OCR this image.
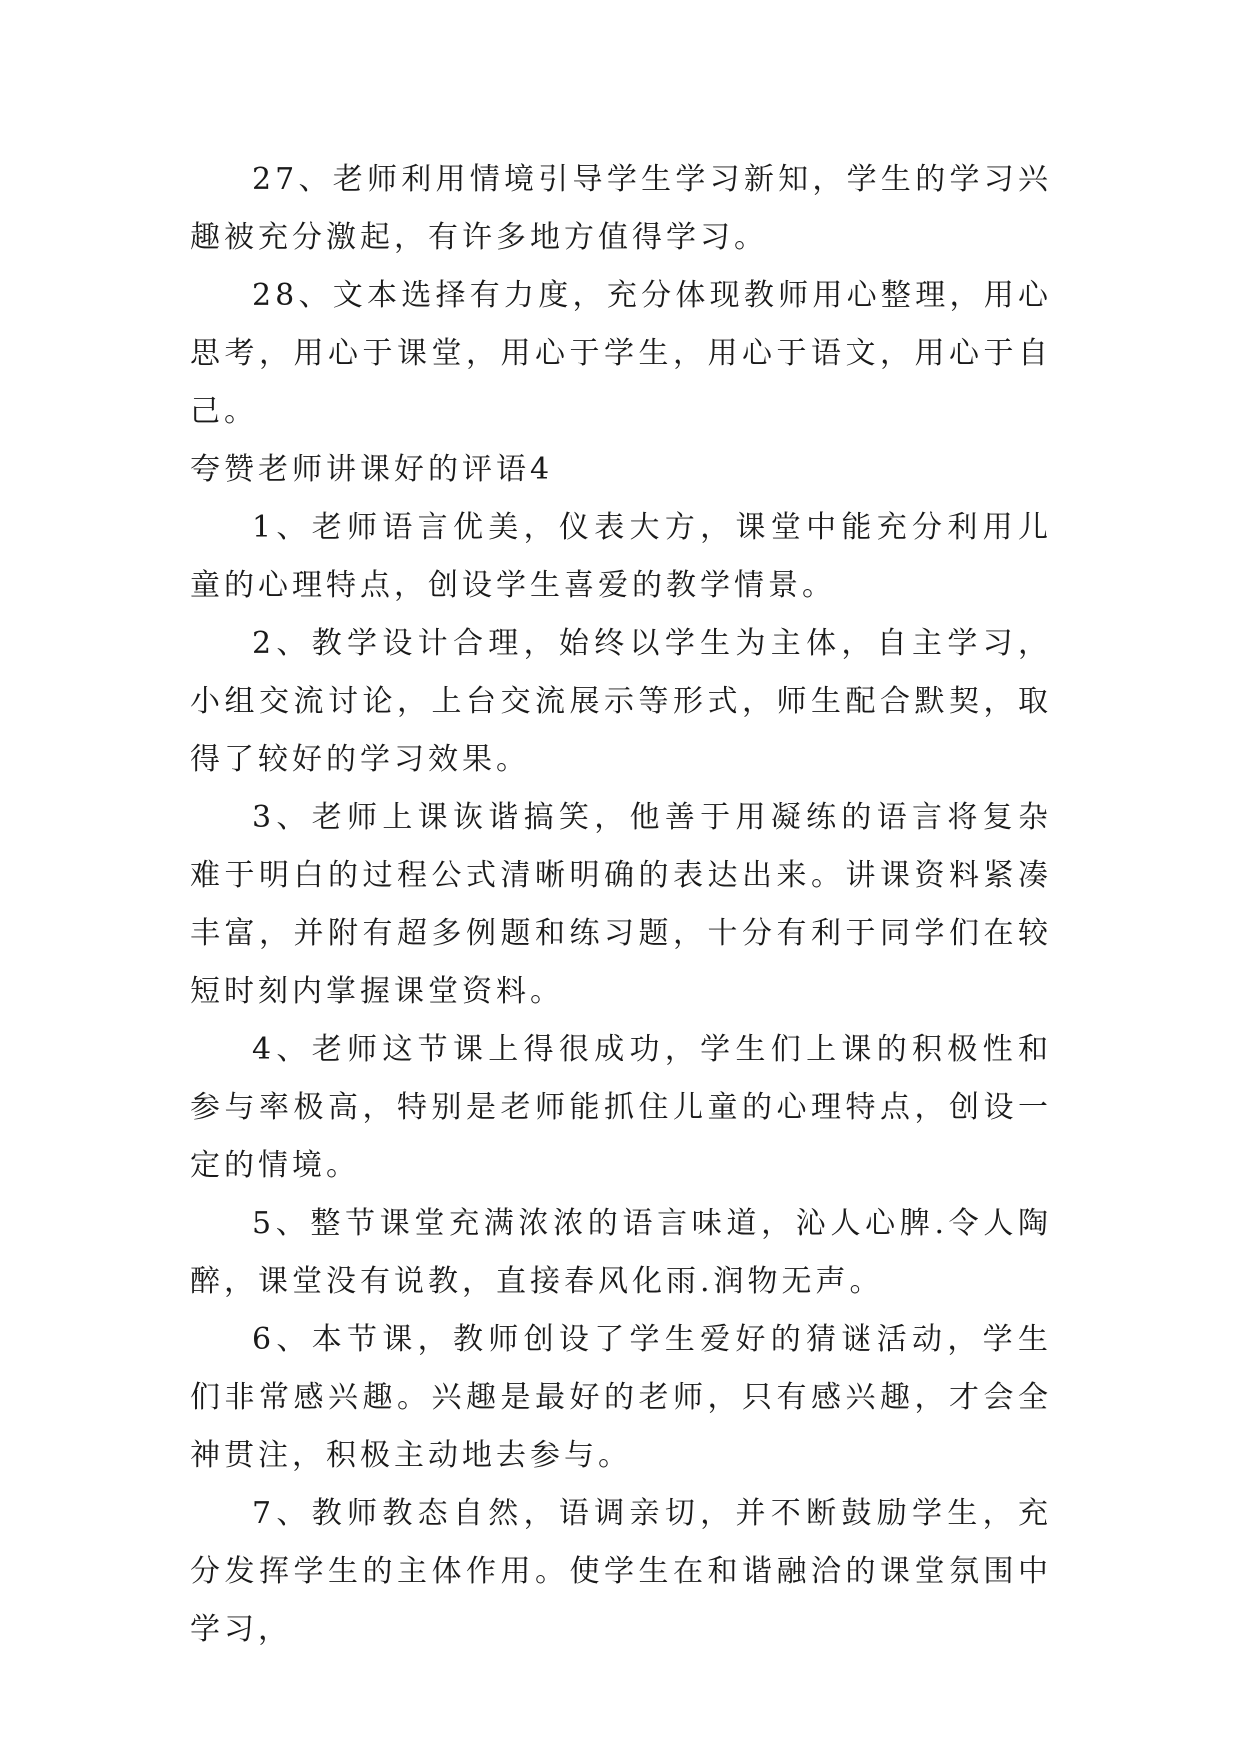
27、老师利用情境引导学生学习新知，学生的学习兴趣被充分激起，有许多地方值得学习。

28、文本选择有力度，充分体现教师用心整理，用心思考，用心于课堂，用心于学生，用心于语文，用心于自己。

夸赞老师讲课好的评语4

1、老师语言优美，仪表大方，课堂中能充分利用儿童的心理特点，创设学生喜爱的教学情景。

2、教学设计合理，始终以学生为主体，自主学习，小组交流讨论，上台交流展示等形式，师生配合默契，取得了较好的学习效果。

3、老师上课诙谐搞笑，他善于用凝练的语言将复杂难于明白的过程公式清晰明确的表达出来。讲课资料紧凑丰富，并附有超多例题和练习题，十分有利于同学们在较短时刻内掌握课堂资料。

4、老师这节课上得很成功，学生们上课的积极性和参与率极高，特别是老师能抓住儿童的心理特点，创设一定的情境。

5、整节课堂充满浓浓的语言味道，沁人心脾.令人陶醉，课堂没有说教，直接春风化雨.润物无声。

6、本节课，教师创设了学生爱好的猜谜活动，学生们非常感兴趣。兴趣是最好的老师，只有感兴趣，才会全神贯注，积极主动地去参与。

7、教师教态自然，语调亲切，并不断鼓励学生，充分发挥学生的主体作用。使学生在和谐融洽的课堂氛围中学习，
